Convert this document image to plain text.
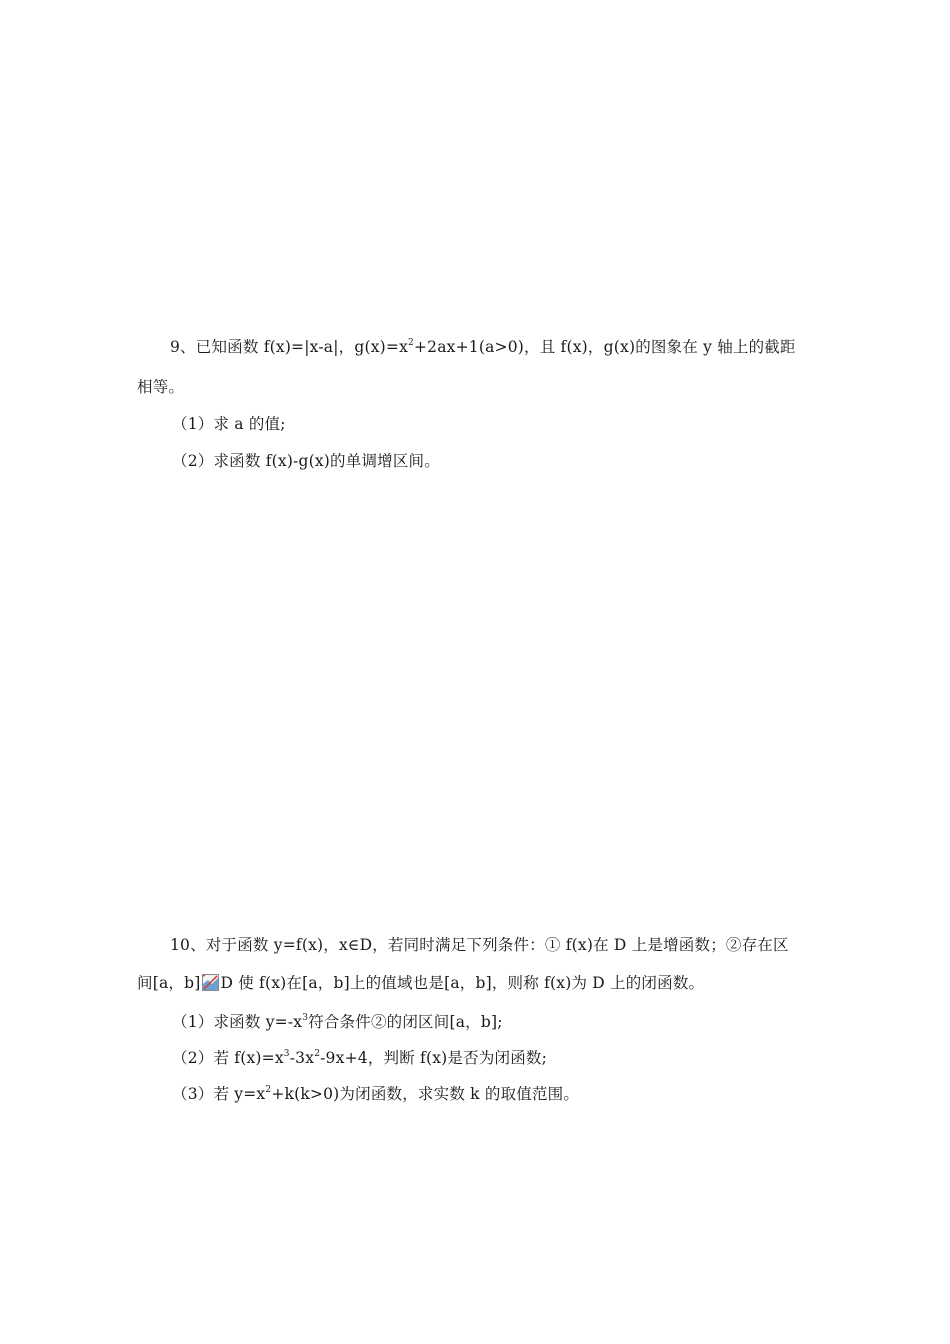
9、已知函数 f(x)=|x-a|，$g(x)=x^2+2ax+1(a>0)$，且 f(x)，g(x)的图象在 y 轴上的截距
相等。
（1）求 a 的值;
（2）求函数 f(x)-g(x)的单调增区间。
10、对于函数 y=f(x)，x∈D，若同时满足下列条件：① f(x)在 D 上是增函数；②存在区
间[a，b] D 使 f(x)在[a，b]上的值域也是[a，b]，则称 f(x)为 D 上的闭函数。
（1）求函数 $y=-x^3$符合条件②的闭区间[a，b];
（2）若 $f(x)=x^3-3x^2-9x+4$，判断 f(x)是否为闭函数;
（3）若 $y=x^2+k(k>0)$为闭函数，求实数 k 的取值范围。
